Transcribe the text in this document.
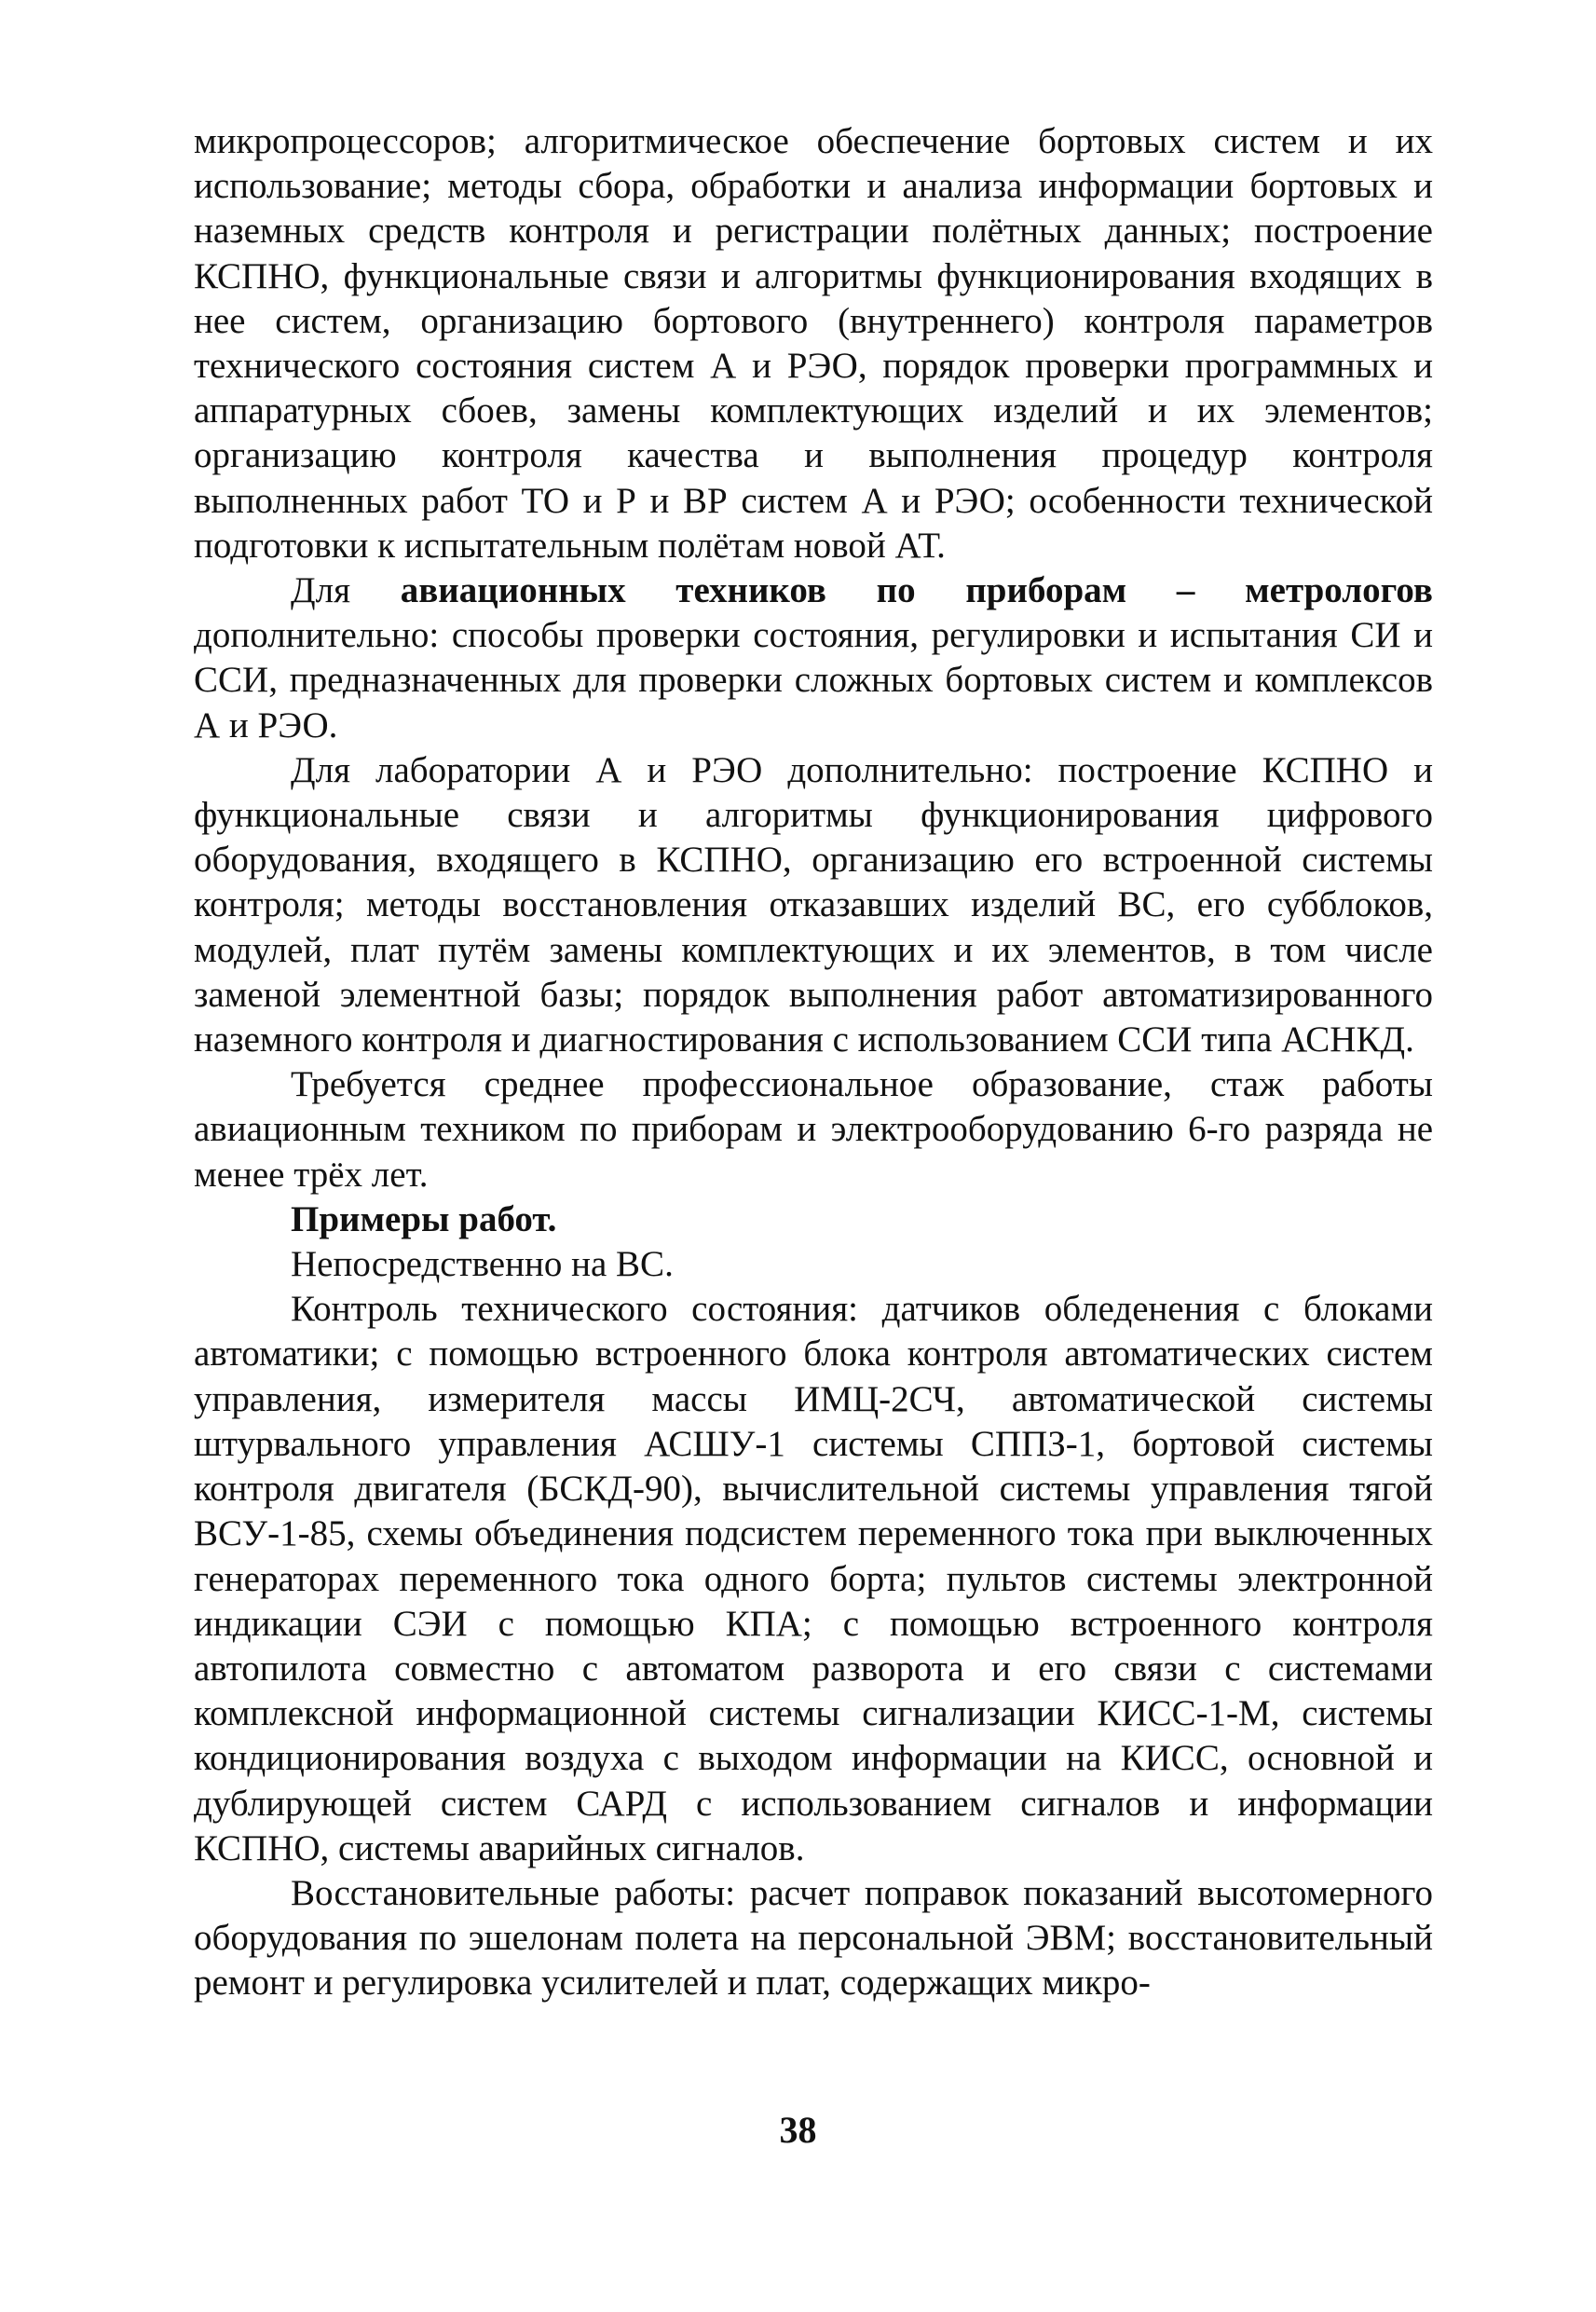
микропроцессоров; алгоритмическое обеспечение бортовых систем и их использование; методы сбора, обработки и анализа информации бортовых и наземных средств контроля и регистрации полётных данных; построение КСПНО, функциональные связи и алгоритмы функционирования входящих в нее систем, организацию бортового (внутреннего) контроля параметров технического состояния систем А и РЭО, порядок проверки программных и аппаратурных сбоев, замены комплектующих изделий и их элементов; организацию контроля качества и выполнения процедур контроля выполненных работ ТО и Р и ВР систем А и РЭО; особенности технической подготовки к испытательным полётам новой АТ.

Для авиационных техников по приборам – метрологов дополнительно: способы проверки состояния, регулировки и испытания СИ и ССИ, предназначенных для проверки сложных бортовых систем и комплексов А и РЭО.

Для лаборатории А и РЭО дополнительно: построение КСПНО и функциональные связи и алгоритмы функционирования цифрового оборудования, входящего в КСПНО, организацию его встроенной системы контроля; методы восстановления отказавших изделий ВС, его субблоков, модулей, плат путём замены комплектующих и их элементов, в том числе заменой элементной базы; порядок выполнения работ автоматизированного наземного контроля и диагностирования с использованием ССИ типа АСНКД.

Требуется среднее профессиональное образование, стаж работы авиационным техником по приборам и электрооборудованию 6-го разряда не менее трёх лет.

Примеры работ.

Непосредственно на ВС.

Контроль технического состояния: датчиков обледенения с блоками автоматики; с помощью встроенного блока контроля автоматических систем управления, измерителя массы ИМЦ-2СЧ, автоматической системы штурвального управления АСШУ-1 системы СППЗ-1, бортовой системы контроля двигателя (БСКД-90), вычислительной системы управления тягой ВСУ-1-85, схемы объединения подсистем переменного тока при выключенных генераторах переменного тока одного борта; пультов системы электронной индикации СЭИ с помощью КПА; с помощью встроенного контроля автопилота совместно с автоматом разворота и его связи с системами комплексной информационной системы сигнализации КИСС-1-М, системы кондиционирования воздуха с выходом информации на КИСС, основной и дублирующей систем САРД с использованием сигналов и информации КСПНО, системы аварийных сигналов.

Восстановительные работы: расчет поправок показаний высотомерного оборудования по эшелонам полета на персональной ЭВМ; восстановительный ремонт и регулировка усилителей и плат, содержащих микро-

38
